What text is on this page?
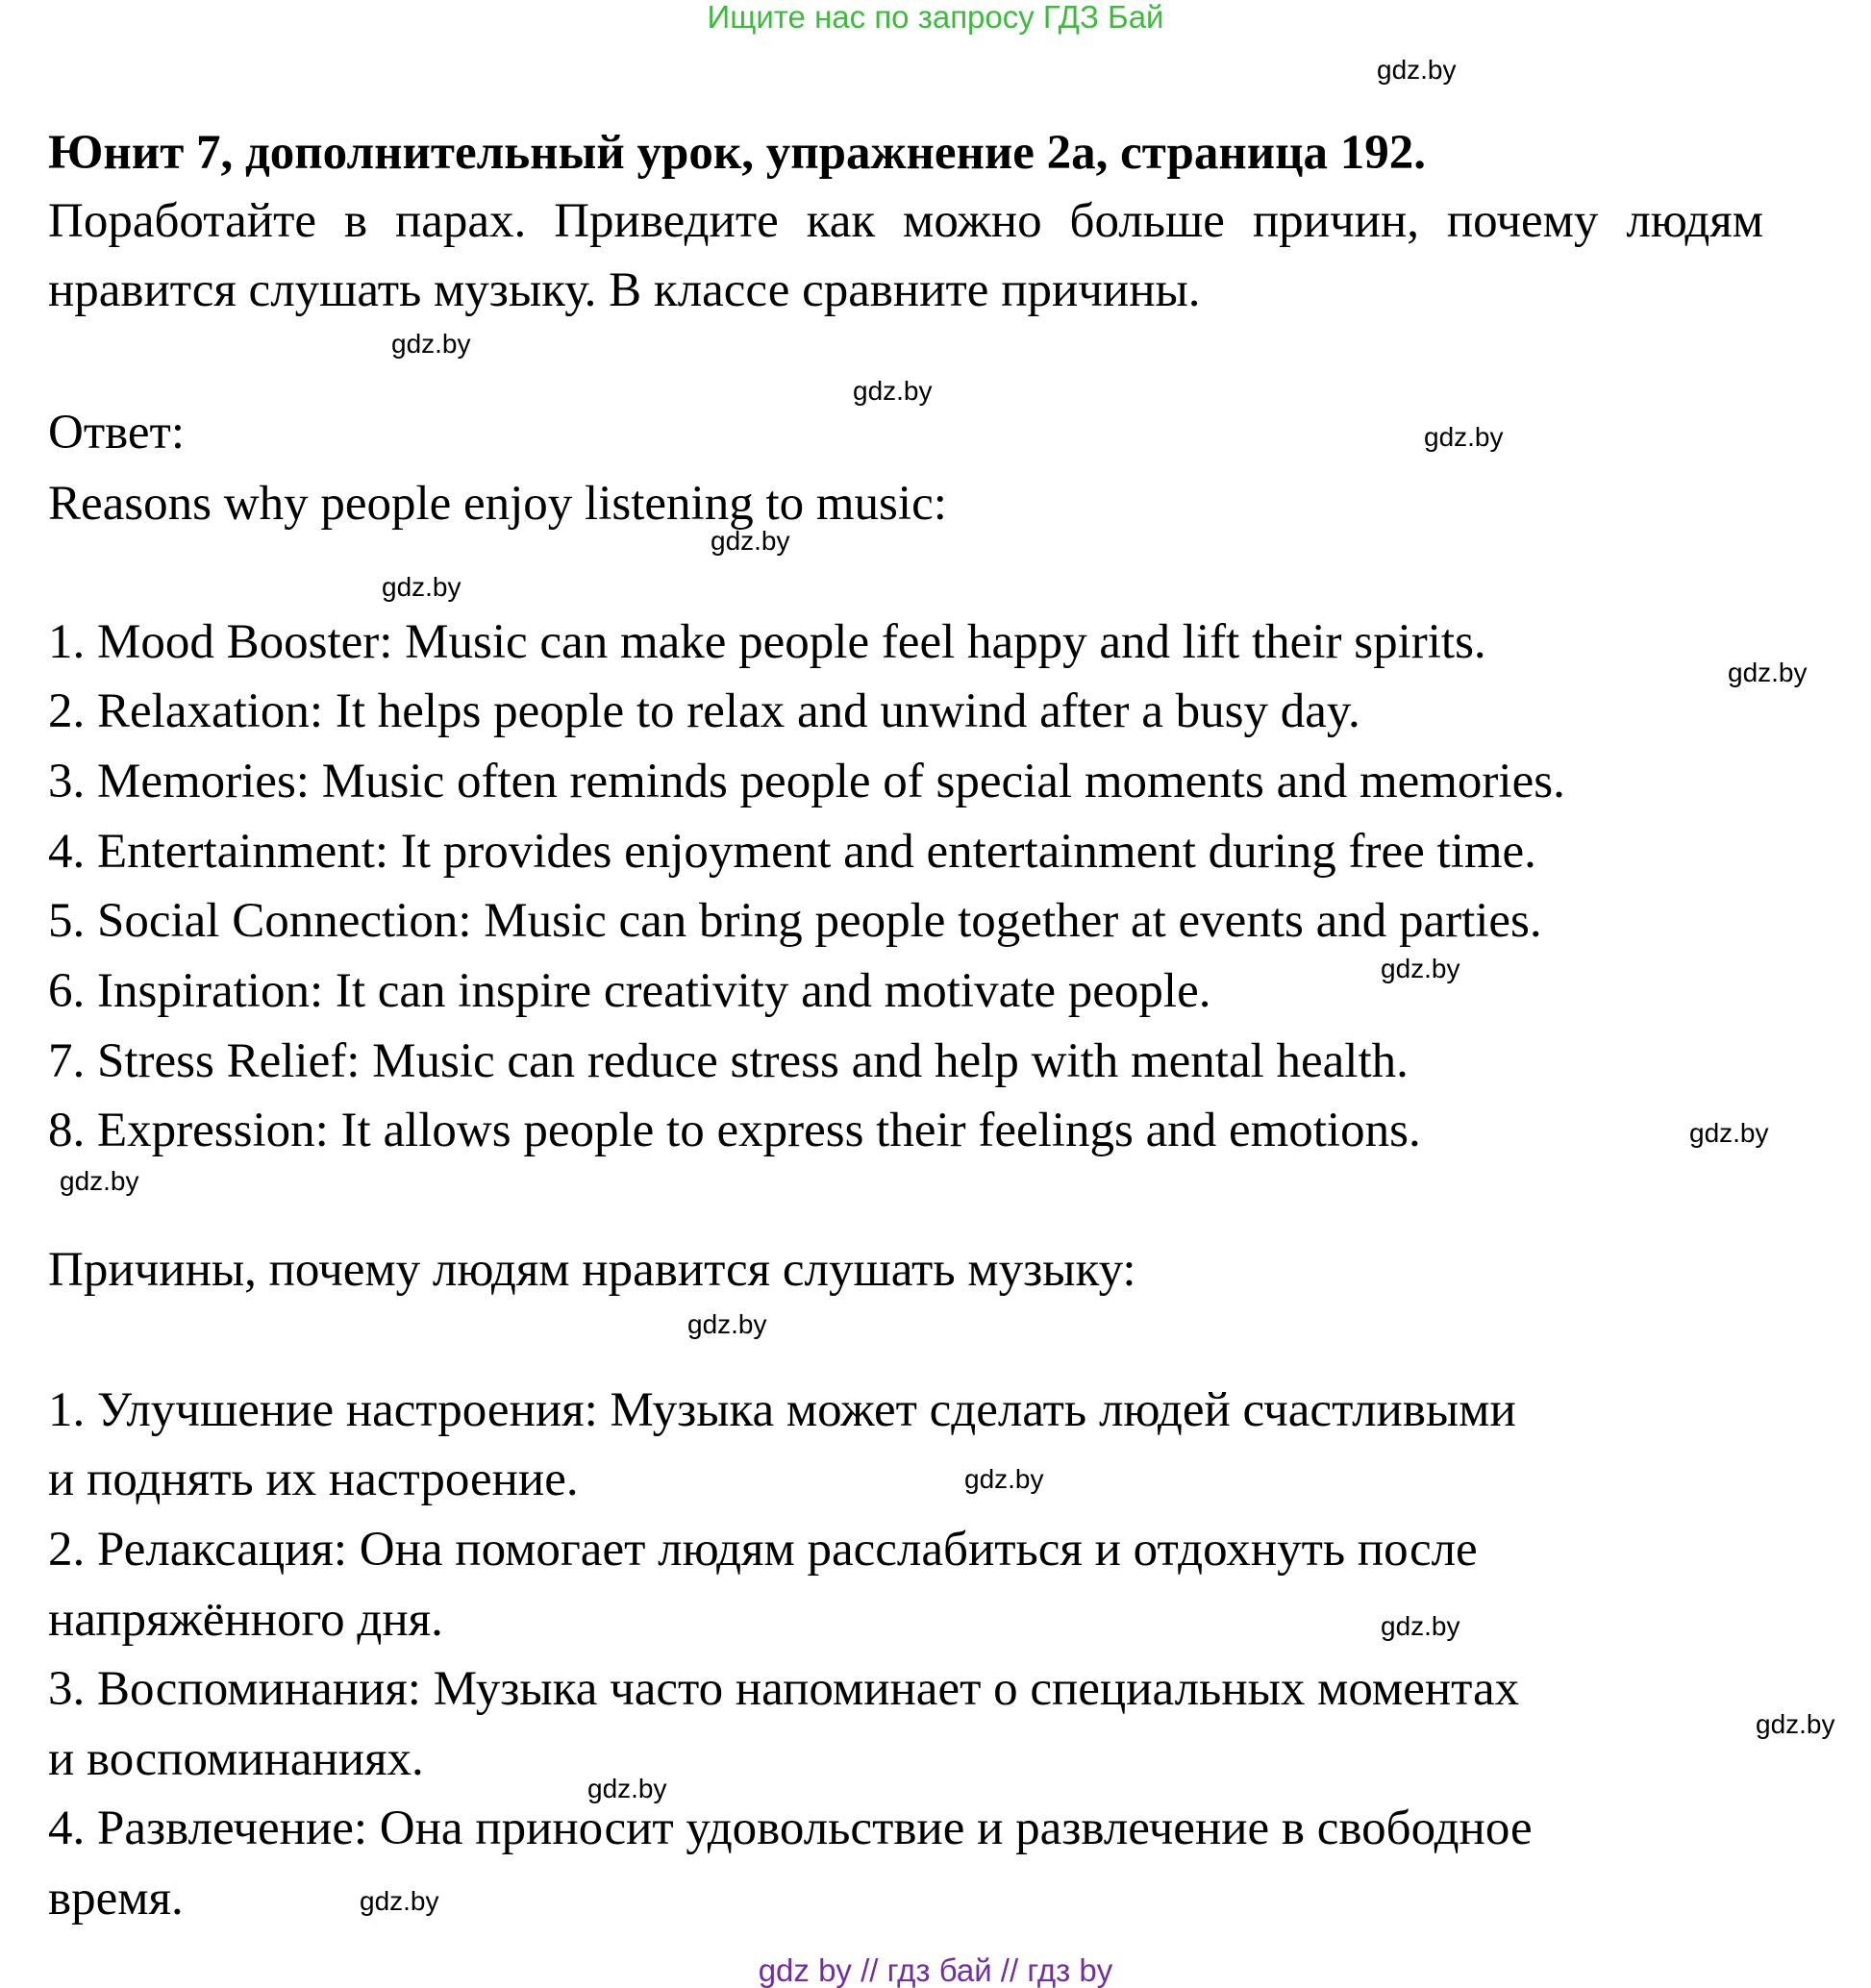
Ищите нас по запросу ГДЗ Бай
Юнит 7, дополнительный урок, упражнение 2a, страница 192.
Поработайте в парах. Приведите как можно больше причин, почему людям нравится слушать музыку. В классе сравните причины.
Ответ:
Reasons why people enjoy listening to music:
1. Mood Booster: Music can make people feel happy and lift their spirits.
2. Relaxation: It helps people to relax and unwind after a busy day.
3. Memories: Music often reminds people of special moments and memories.
4. Entertainment: It provides enjoyment and entertainment during free time.
5. Social Connection: Music can bring people together at events and parties.
6. Inspiration: It can inspire creativity and motivate people.
7. Stress Relief: Music can reduce stress and help with mental health.
8. Expression: It allows people to express their feelings and emotions.
Причины, почему людям нравится слушать музыку:
1. Улучшение настроения: Музыка может сделать людей счастливыми
и поднять их настроение.
2. Релаксация: Она помогает людям расслабиться и отдохнуть после
напряжённого дня.
3. Воспоминания: Музыка часто напоминает о специальных моментах
и воспоминаниях.
4. Развлечение: Она приносит удовольствие и развлечение в свободное
время.
gdz.by
gdz.by
gdz.by
gdz.by
gdz.by
gdz.by
gdz.by
gdz.by
gdz.by
gdz.by
gdz.by
gdz.by
gdz.by
gdz.by
gdz.by
gdz.by
gdz by // гдз бай // гдз by
